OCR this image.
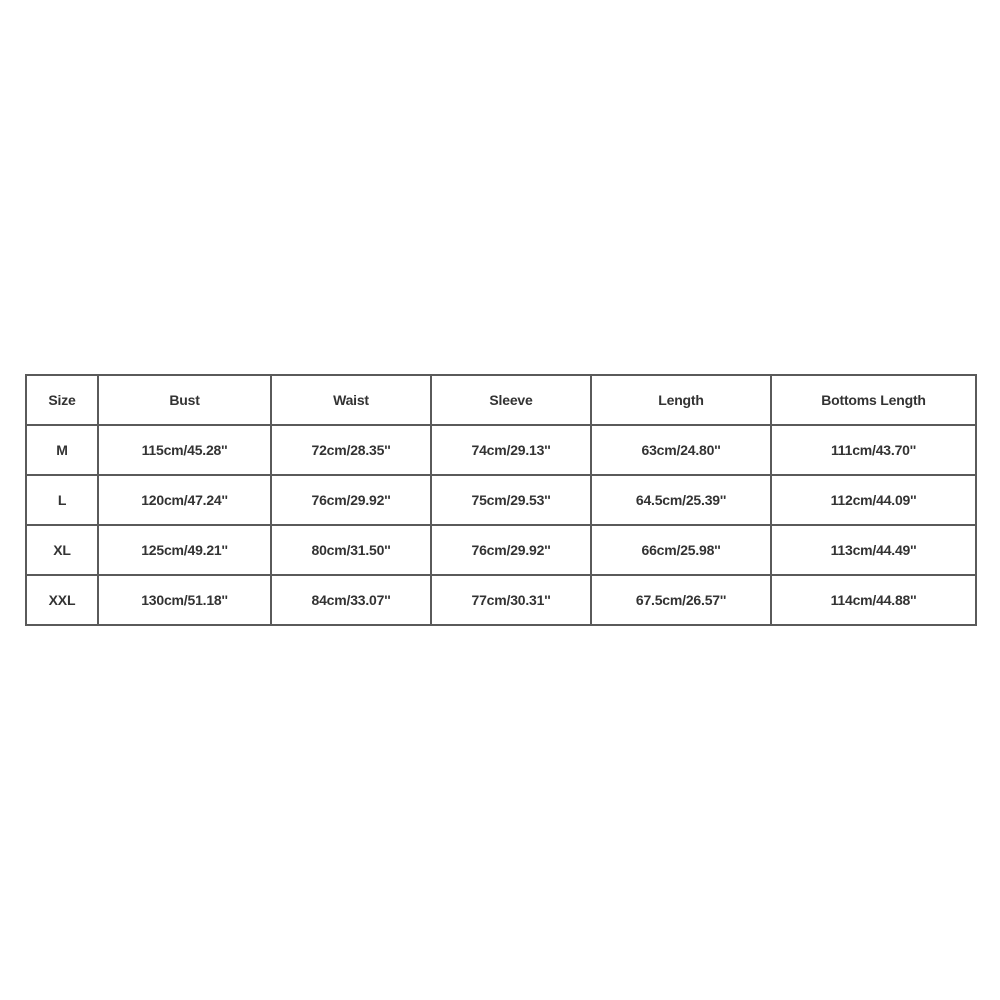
Size	Bust	Waist	Sleeve	Length	Bottoms Length
M	115cm/45.28''	72cm/28.35''	74cm/29.13''	63cm/24.80''	111cm/43.70''
L	120cm/47.24''	76cm/29.92''	75cm/29.53''	64.5cm/25.39''	112cm/44.09''
XL	125cm/49.21''	80cm/31.50''	76cm/29.92''	66cm/25.98''	113cm/44.49''
XXL	130cm/51.18''	84cm/33.07''	77cm/30.31''	67.5cm/26.57''	114cm/44.88''
